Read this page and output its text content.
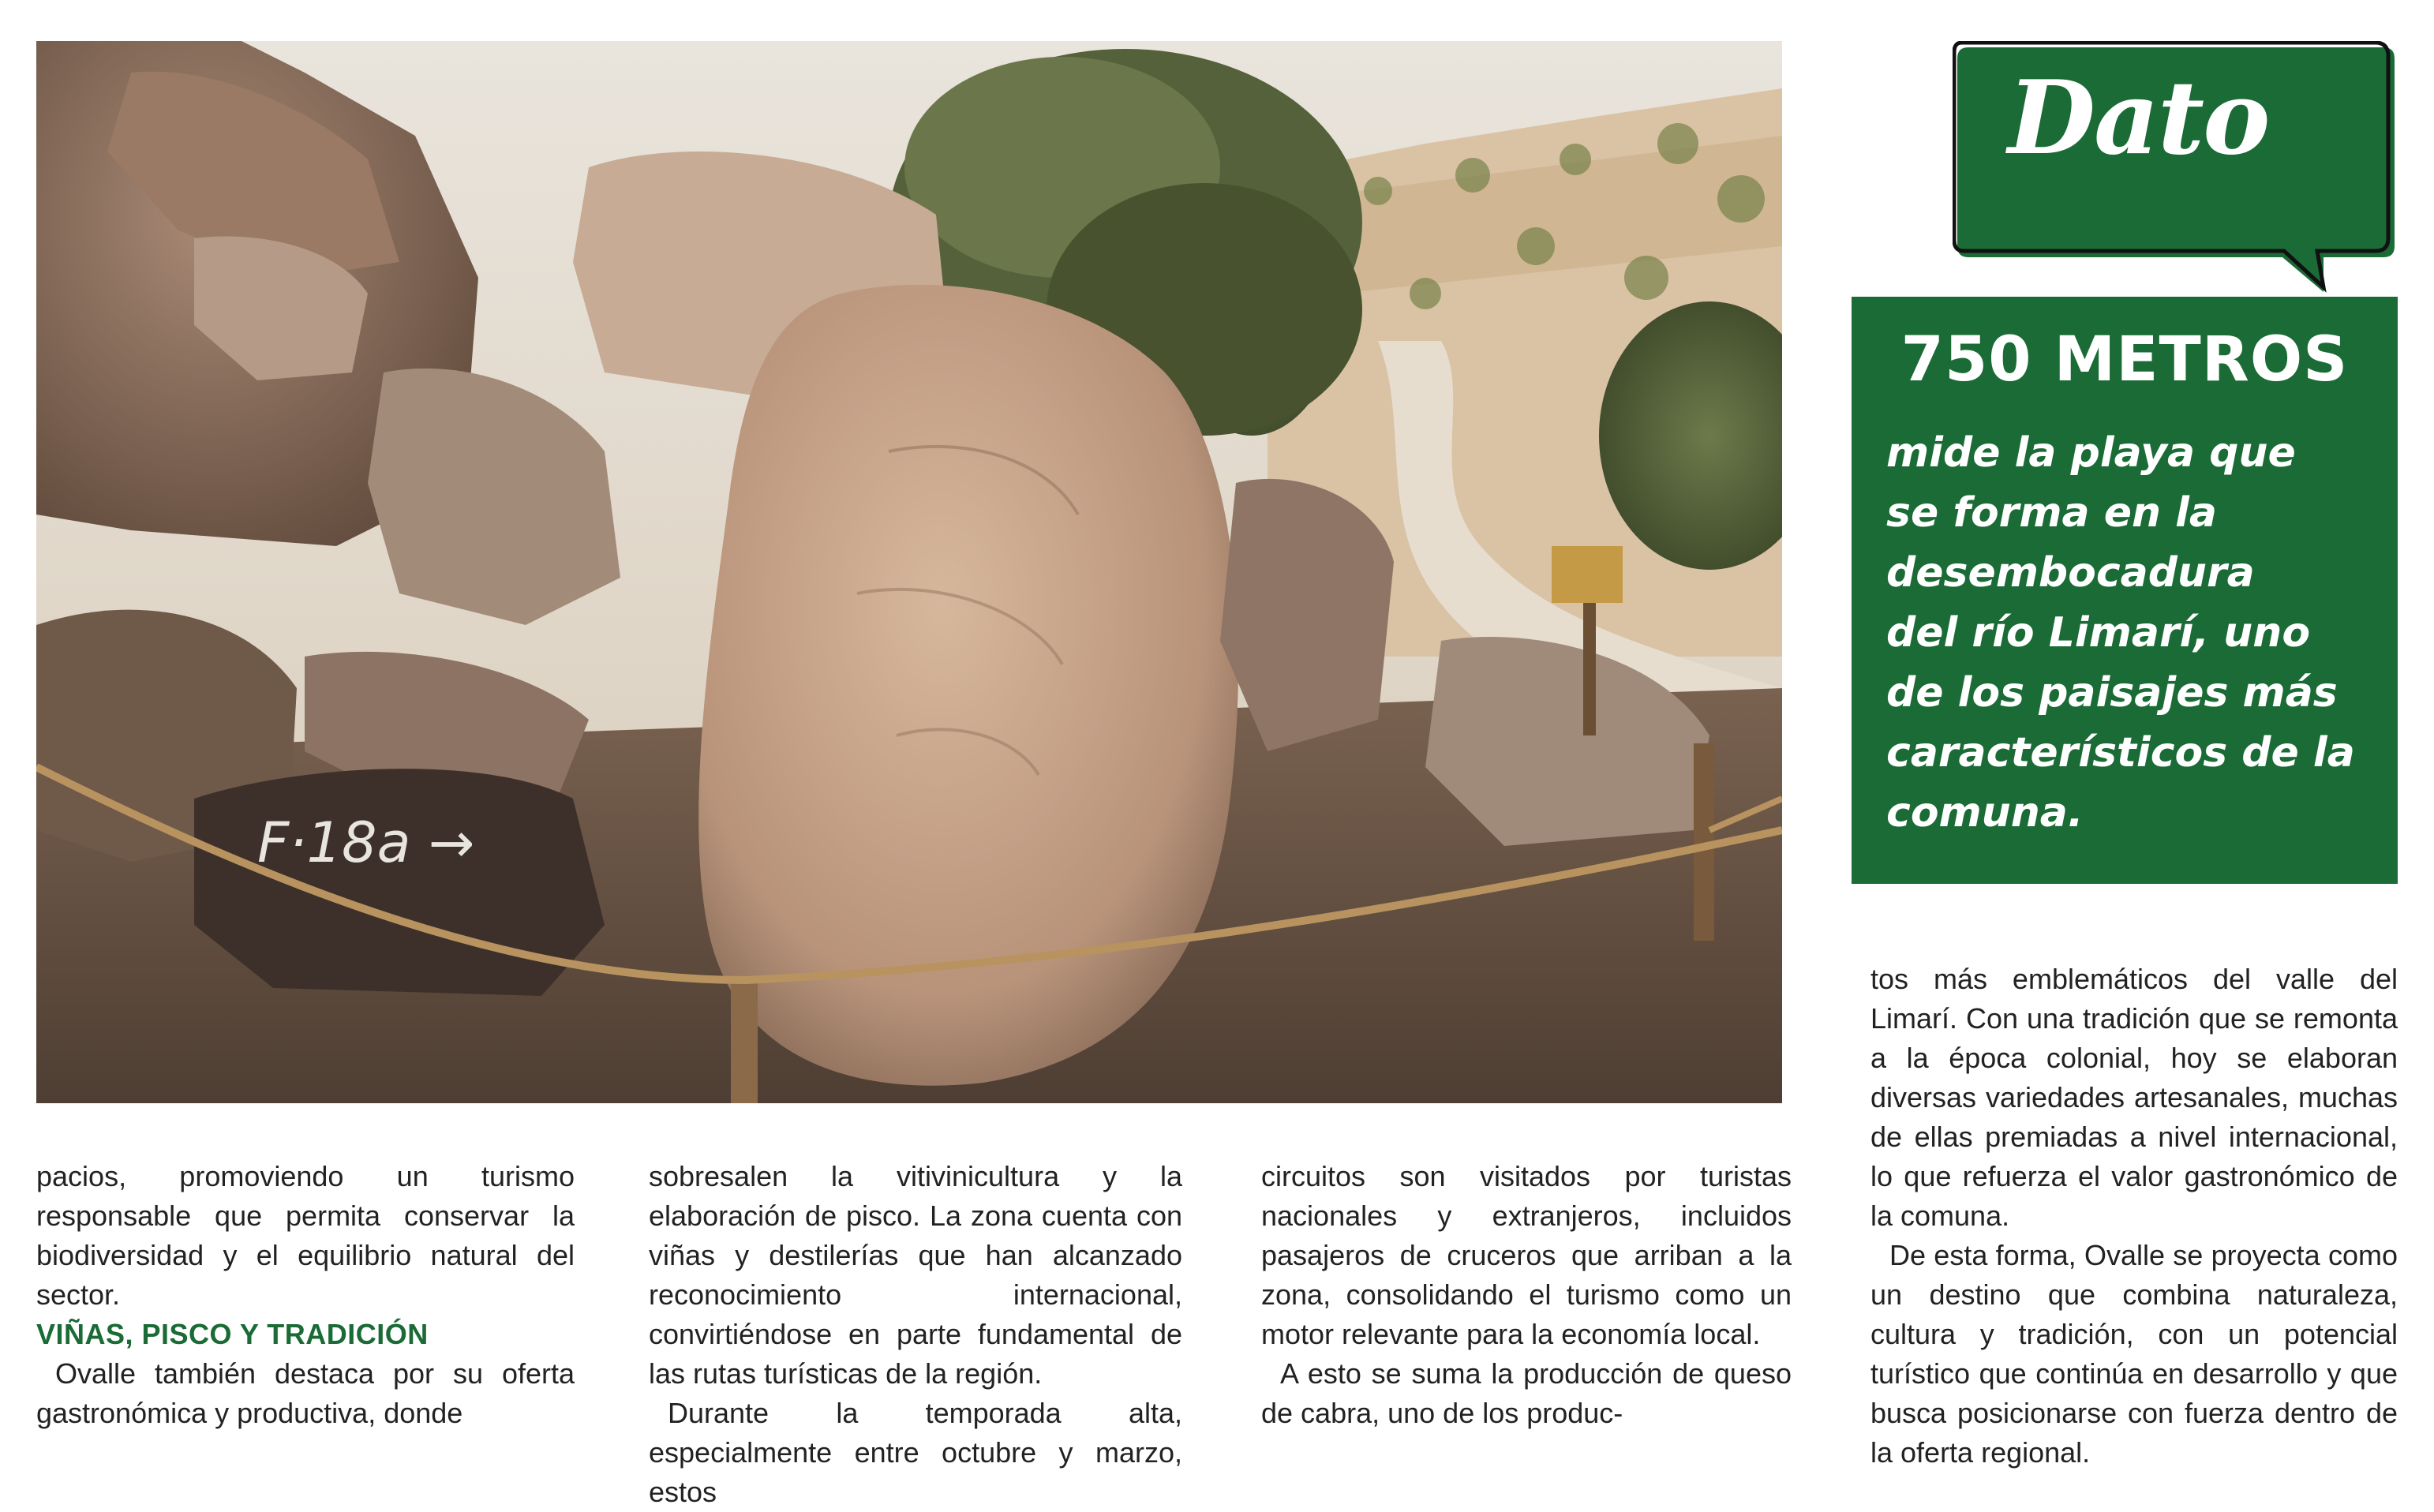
F·18a →
Dato
750 METROS
mide la playa que
se forma en la
desembocadura
del río Limarí, uno
de los paisajes más
característicos de la
comuna.

pacios, promoviendo un turismo responsable que permita conservar la biodiversidad y el equilibrio natural del sector.

VIÑAS, PISCO Y TRADICIÓN

Ovalle también destaca por su oferta gastronómica y productiva, donde

sobresalen la vitivinicultura y la elaboración de pisco. La zona cuenta con viñas y destilerías que han alcanzado reconocimiento internacional, convirtiéndose en parte fundamental de las rutas turísticas de la región.

Durante la temporada alta, especialmente entre octubre y marzo, estos

circuitos son visitados por turistas nacionales y extranjeros, incluidos pasajeros de cruceros que arriban a la zona, consolidando el turismo como un motor relevante para la economía local.

A esto se suma la producción de queso de cabra, uno de los produc-

tos más emblemáticos del valle del Limarí. Con una tradición que se remonta a la época colonial, hoy se elaboran diversas variedades artesanales, muchas de ellas premiadas a nivel internacional, lo que refuerza el valor gastronómico de la comuna.

De esta forma, Ovalle se proyecta como un destino que combina naturaleza, cultura y tradición, con un potencial turístico que continúa en desarrollo y que busca posicionarse con fuerza dentro de la oferta regional.
